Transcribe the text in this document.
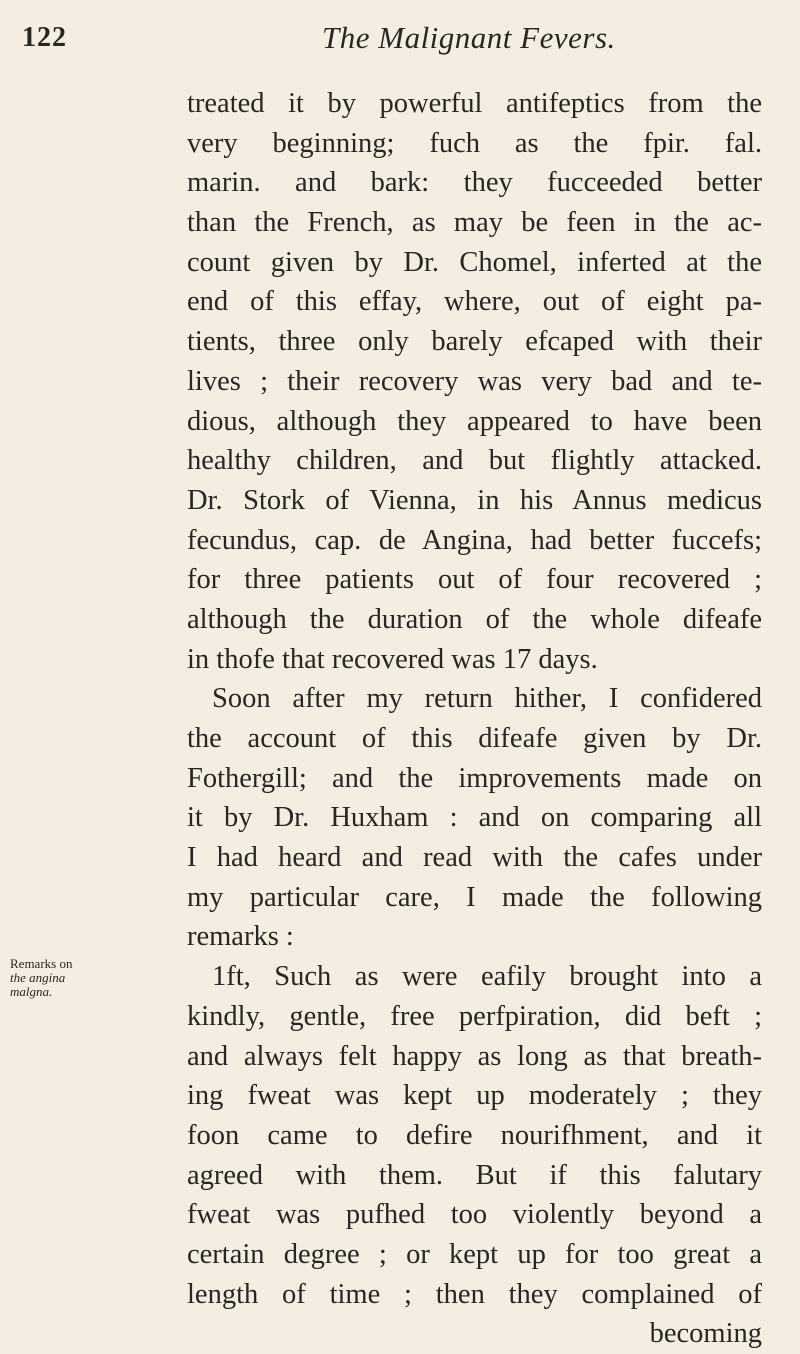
122	The Malignant Fevers.
Remarks on
the angina
malgna.
treated it by powerful antifeptics from the
very beginning; fuch as the fpir. fal.
marin. and bark: they fucceeded better
than the French, as may be feen in the ac-
count given by Dr. Chomel, inferted at the
end of this effay, where, out of eight pa-
tients, three only barely efcaped with their
lives ; their recovery was very bad and te-
dious, although they appeared to have been
healthy children, and but flightly attacked.
Dr. Stork of Vienna, in his Annus medicus
fecundus, cap. de Angina, had better fuccefs;
for three patients out of four recovered ;
although the duration of the whole difeafe
in thofe that recovered was 17 days.
Soon after my return hither, I confidered
the account of this difeafe given by Dr.
Fothergill; and the improvements made on
it by Dr. Huxham : and on comparing all
I had heard and read with the cafes under
my particular care, I made the following
remarks :
1ft, Such as were eafily brought into a
kindly, gentle, free perfpiration, did beft ;
and always felt happy as long as that breath-
ing fweat was kept up moderately ; they
foon came to defire nourifhment, and it
agreed with them. But if this falutary
fweat was pufhed too violently beyond a
certain degree ; or kept up for too great a
length of time ; then they complained of
becoming
